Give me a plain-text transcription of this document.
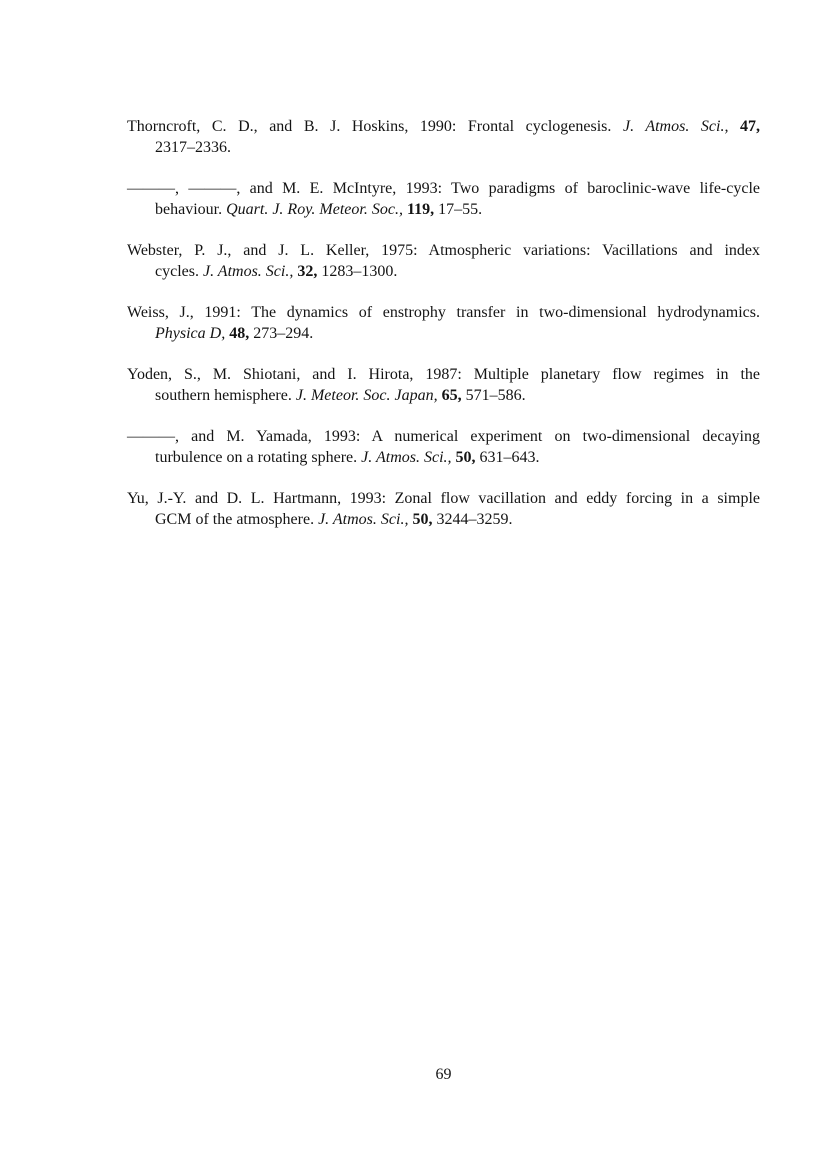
Thorncroft, C. D., and B. J. Hoskins, 1990: Frontal cyclogenesis. J. Atmos. Sci., 47,
2317–2336.
———, ———, and M. E. McIntyre, 1993: Two paradigms of baroclinic-wave life-cycle
behaviour. Quart. J. Roy. Meteor. Soc., 119, 17–55.
Webster, P. J., and J. L. Keller, 1975: Atmospheric variations: Vacillations and index
cycles. J. Atmos. Sci., 32, 1283–1300.
Weiss, J., 1991: The dynamics of enstrophy transfer in two-dimensional hydrodynamics.
Physica D, 48, 273–294.
Yoden, S., M. Shiotani, and I. Hirota, 1987: Multiple planetary flow regimes in the
southern hemisphere. J. Meteor. Soc. Japan, 65, 571–586.
———, and M. Yamada, 1993: A numerical experiment on two-dimensional decaying
turbulence on a rotating sphere. J. Atmos. Sci., 50, 631–643.
Yu, J.-Y. and D. L. Hartmann, 1993: Zonal flow vacillation and eddy forcing in a simple
GCM of the atmosphere. J. Atmos. Sci., 50, 3244–3259.
69
